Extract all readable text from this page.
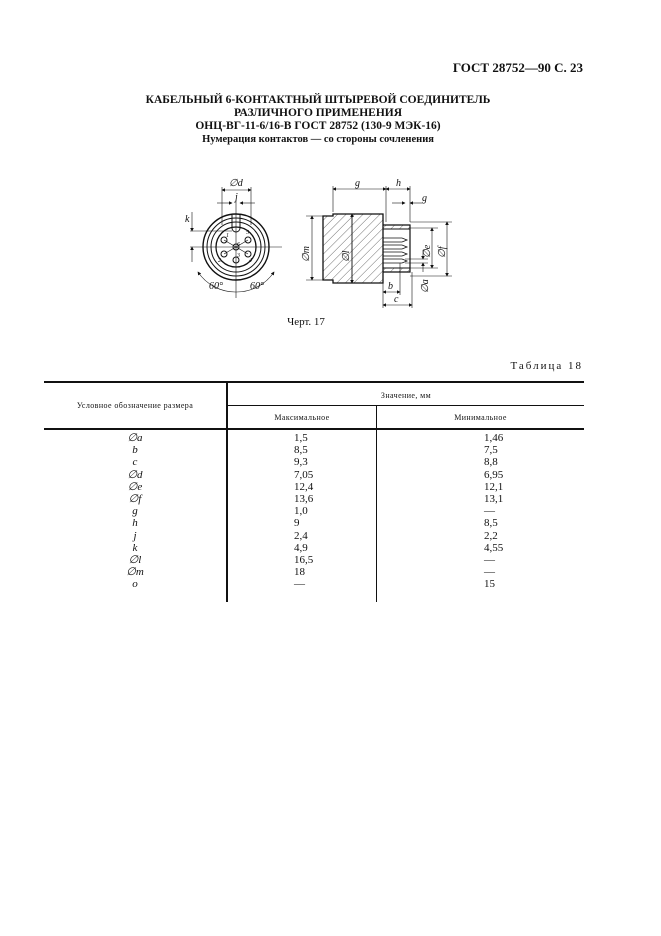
ГОСТ 28752—90 С. 23
КАБЕЛЬНЫЙ 6-КОНТАКТНЫЙ ШТЫРЕВОЙ СОЕДИНИТЕЛЬ
РАЗЛИЧНОГО ПРИМЕНЕНИЯ
ОНЦ-ВГ-11-6/16-В ГОСТ 28752 (130-9 МЭК-16)
Нумерация контактов — со стороны сочленения
∅d
j
k
60°	60°
1
2
3
4
5
6
g	h
g
∅m	∅l	∅e ∅f
∅a
b
c
Черт. 17
Таблица 18
Условное обозначение размера
Значение, мм
Максимальное	Минимальное
∅a	1,5	1,46
b	8,5	7,5
c	9,3	8,8
∅d	7,05	6,95
∅e	12,4	12,1
∅f	13,6	13,1
g	1,0	—
h	9	8,5
j	2,4	2,2
k	4,9	4,55
∅l	16,5	—
∅m	18	—
o	—	15
